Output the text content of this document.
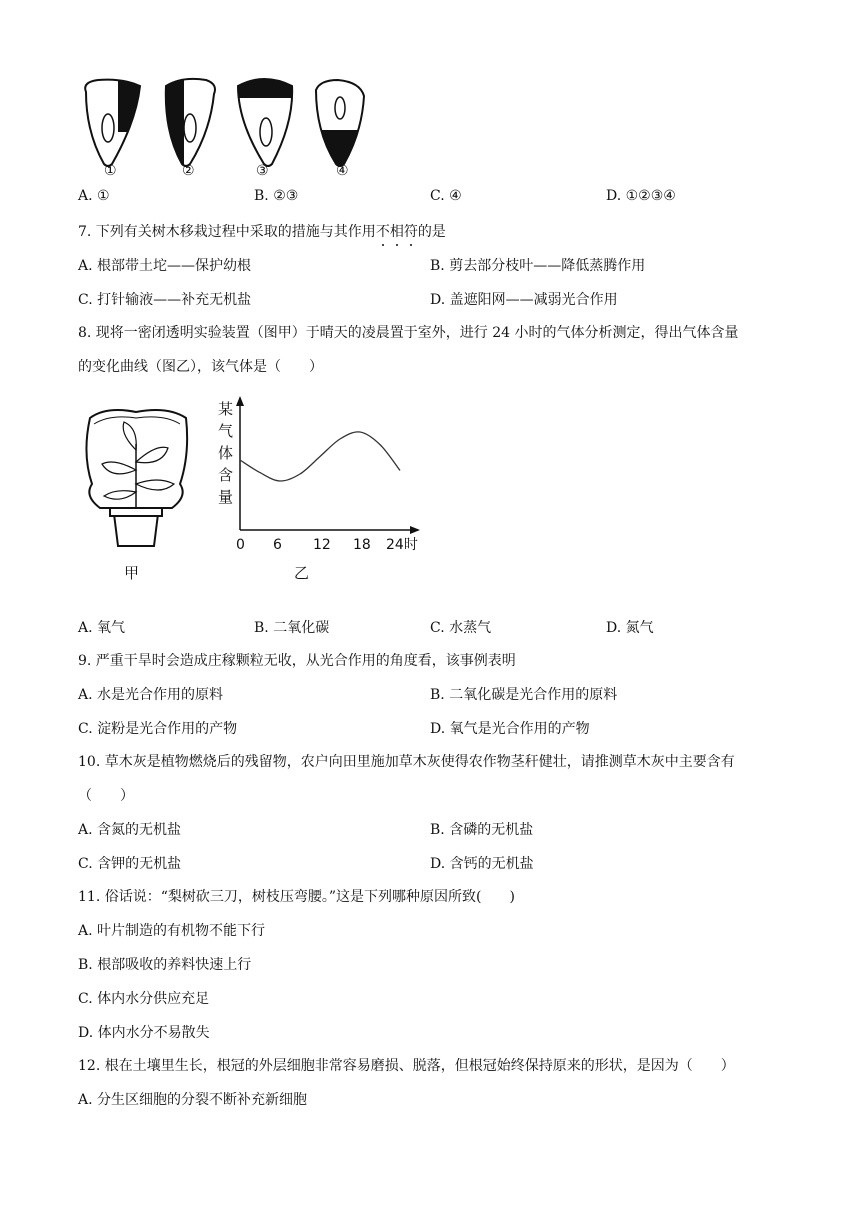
①	②	③	④
A. ①	B. ②③	C. ④	D. ①②③④
7. 下列有关树木移栽过程中采取的措施与其作用不相符的是
A. 根部带土坨——保护幼根	B. 剪去部分枝叶——降低蒸腾作用
C. 打针输液——补充无机盐	D. 盖遮阳网——减弱光合作用
8. 现将一密闭透明实验装置（图甲）于晴天的凌晨置于室外，进行 24 小时的气体分析测定，得出气体含量
的变化曲线（图乙），该气体是（　　）
甲
某
气
体
含
量
0 6 12 18 24时
乙
A. 氧气	B. 二氧化碳	C. 水蒸气	D. 氮气
9. 严重干旱时会造成庄稼颗粒无收，从光合作用的角度看，该事例表明
A. 水是光合作用的原料	B. 二氧化碳是光合作用的原料
C. 淀粉是光合作用的产物	D. 氧气是光合作用的产物
10. 草木灰是植物燃烧后的残留物，农户向田里施加草木灰使得农作物茎秆健壮，请推测草木灰中主要含有
（　　）
A. 含氮的无机盐	B. 含磷的无机盐
C. 含钾的无机盐	D. 含钙的无机盐
11. 俗话说：“梨树砍三刀，树枝压弯腰。”这是下列哪种原因所致(　　)
A. 叶片制造的有机物不能下行
B. 根部吸收的养料快速上行
C. 体内水分供应充足
D. 体内水分不易散失
12. 根在土壤里生长，根冠的外层细胞非常容易磨损、脱落，但根冠始终保持原来的形状，是因为（　　）
A. 分生区细胞的分裂不断补充新细胞
